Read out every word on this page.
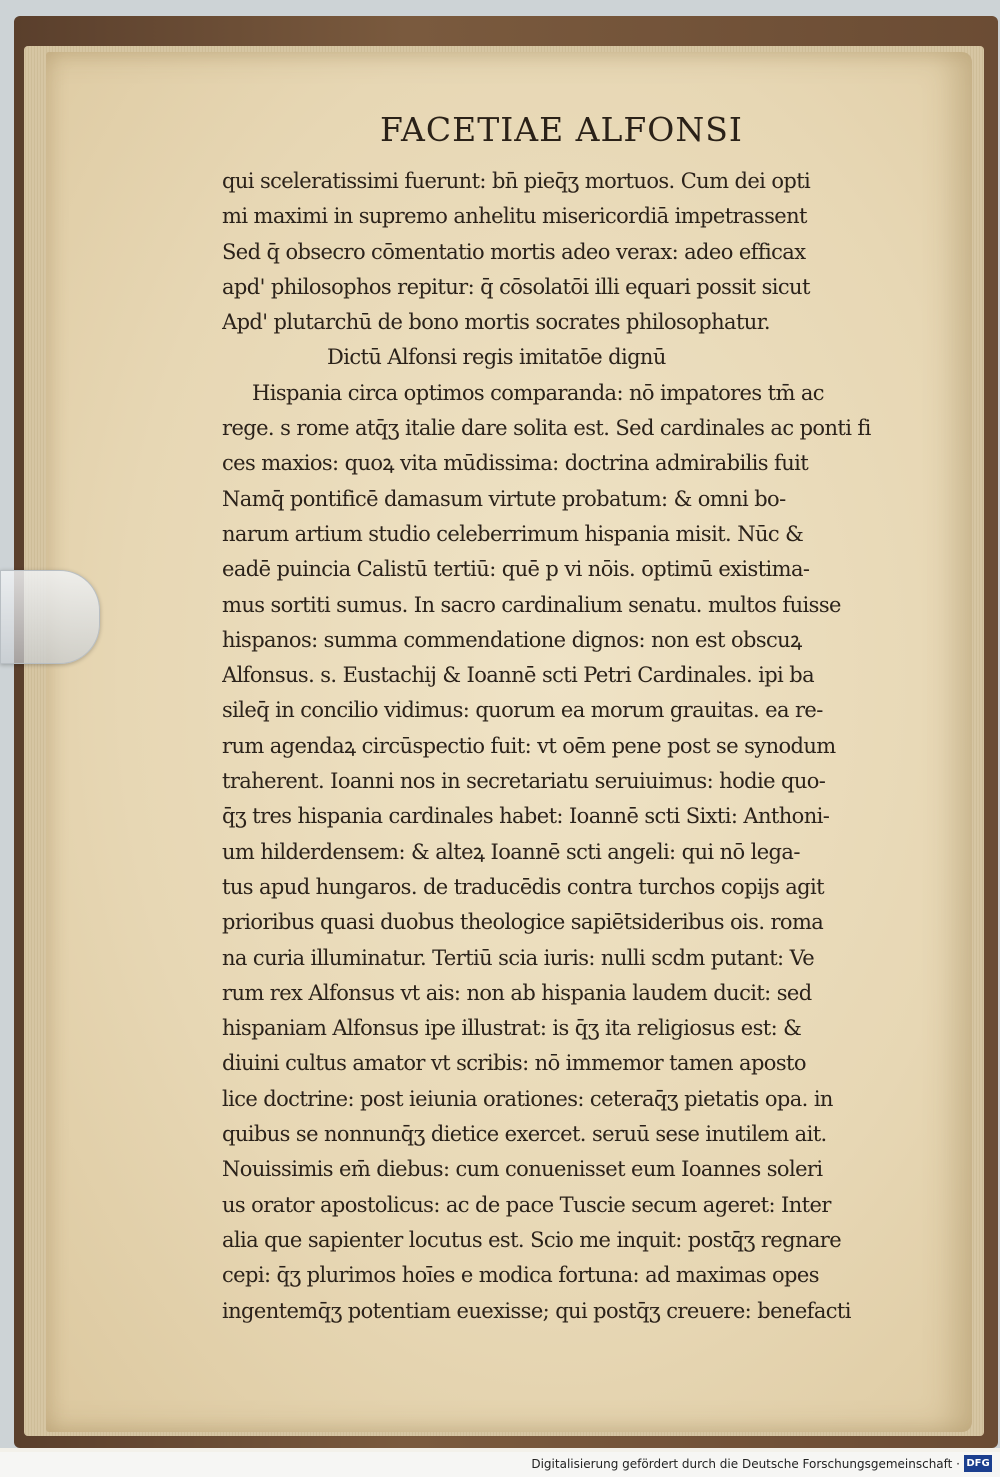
FACETIAE ALFONSI
qui sceleratissimi fuerunt: bn̄ pieq̄ʒ mortuos. Cum dei opti
mi maximi in supremo anhelitu misericordiā impetrassent
Sed q̄ obsecro cōmentatio mortis adeo verax: adeo efficax
apd' philosophos repitur: q̄ cōsolatōi illi equari possit sicut
Apd' plutarchū de bono mortis socrates philosophatur.
Dictū Alfonsi regis imitatōe dignū
Hispania circa optimos comparanda: nō impatores tm̄ ac
rege. s rome atq̄ʒ italie dare solita est. Sed cardinales ac ponti fi
ces maxios: quoꝝ vita mūdissima: doctrina admirabilis fuit
Namq̄ pontificē damasum virtute probatum: & omni bo-
narum artium studio celeberrimum hispania misit. Nūc &
eadē puincia Calistū tertiū: quē p vi nōis. optimū existima-
mus sortiti sumus. In sacro cardinalium senatu. multos fuisse
hispanos: summa commendatione dignos: non est obscuꝝ
Alfonsus. s. Eustachij & Ioannē scti Petri Cardinales. ipi ba
sileq̄ in concilio vidimus: quorum ea morum grauitas. ea re-
rum agendaꝝ circūspectio fuit: vt oēm pene post se synodum
traherent. Ioanni nos in secretariatu seruiuimus: hodie quo-
q̄ʒ tres hispania cardinales habet: Ioannē scti Sixti: Anthoni-
um hilderdensem: & alteꝝ Ioannē scti angeli: qui nō lega-
tus apud hungaros. de traducēdis contra turchos copijs agit
prioribus quasi duobus theologice sapiētsideribus ois. roma
na curia illuminatur. Tertiū scia iuris: nulli scdm putant: Ve
rum rex Alfonsus vt ais: non ab hispania laudem ducit: sed
hispaniam Alfonsus ipe illustrat: is q̄ʒ ita religiosus est: &
diuini cultus amator vt scribis: nō immemor tamen aposto
lice doctrine: post ieiunia orationes: ceteraq̄ʒ pietatis opa. in
quibus se nonnunq̄ʒ dietice exercet. seruū sese inutilem ait.
Nouissimis em̄ diebus: cum conuenisset eum Ioannes soleri
us orator apostolicus: ac de pace Tuscie secum ageret: Inter
alia que sapienter locutus est. Scio me inquit: postq̄ʒ regnare
cepi: q̄ʒ plurimos hoīes e modica fortuna: ad maximas opes
ingentemq̄ʒ potentiam euexisse; qui postq̄ʒ creuere: benefacti
Digitalisierung gefördert durch die Deutsche Forschungsgemeinschaft · DFG
